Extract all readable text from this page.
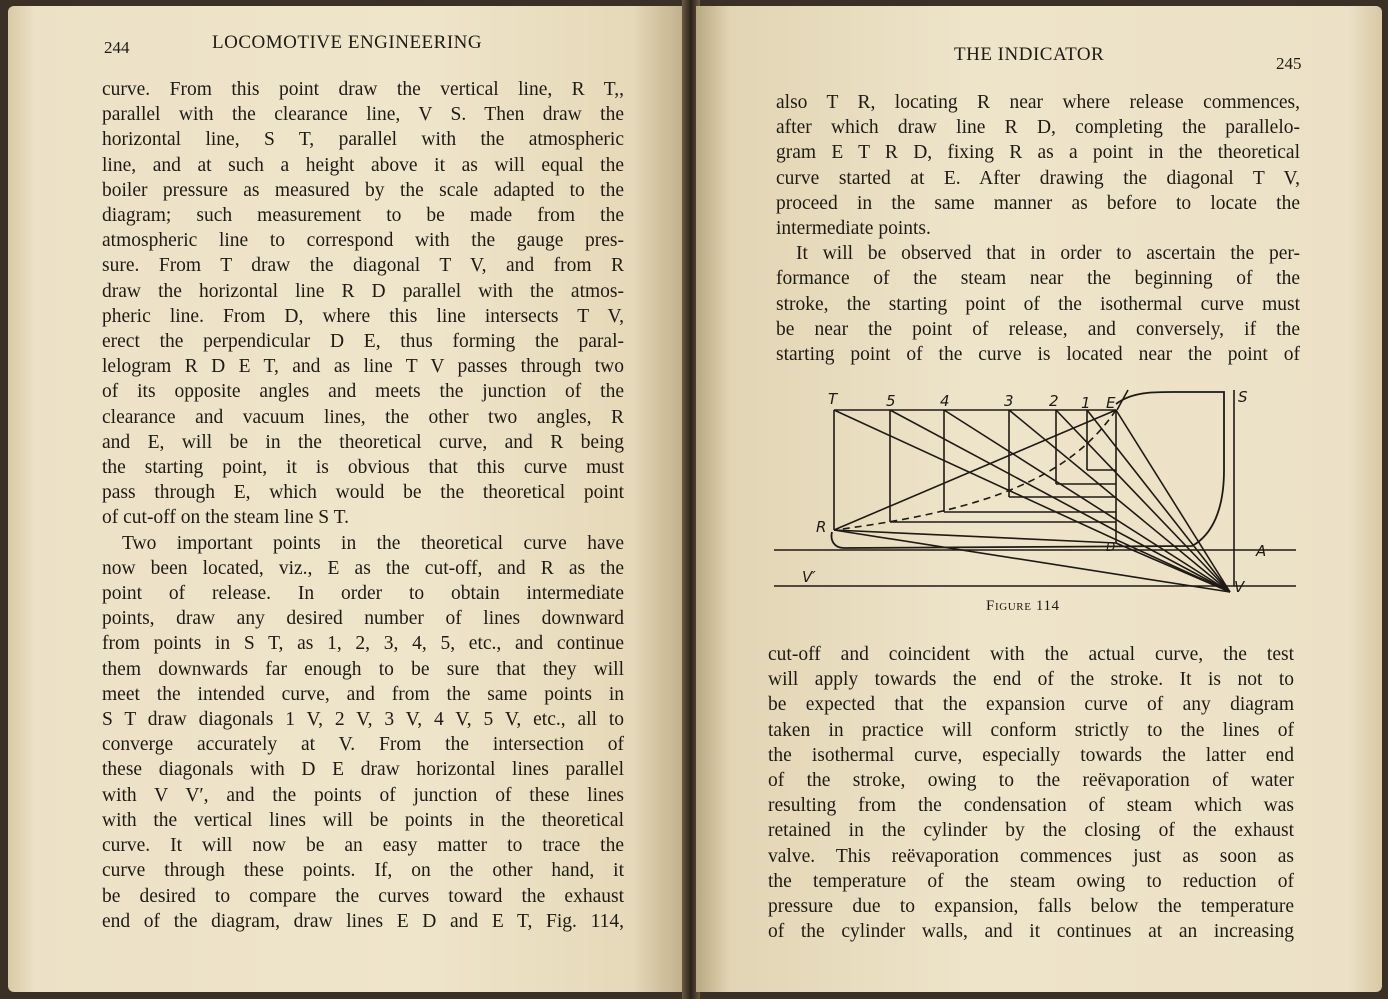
244	LOCOMOTIVE ENGINEERING
curve. From this point draw the vertical line, R T,,
parallel with the clearance line, V S. Then draw the
horizontal line, S T, parallel with the atmospheric
line, and at such a height above it as will equal the
boiler pressure as measured by the scale adapted to the
diagram; such measurement to be made from the
atmospheric line to correspond with the gauge pres-
sure. From T draw the diagonal T V, and from R
draw the horizontal line R D parallel with the atmos-
pheric line. From D, where this line intersects T V,
erect the perpendicular D E, thus forming the paral-
lelogram R D E T, and as line T V passes through two
of its opposite angles and meets the junction of the
clearance and vacuum lines, the other two angles, R
and E, will be in the theoretical curve, and R being
the starting point, it is obvious that this curve must
pass through E, which would be the theoretical point
of cut-off on the steam line S T.
Two important points in the theoretical curve have
now been located, viz., E as the cut-off, and R as the
point of release. In order to obtain intermediate
points, draw any desired number of lines downward
from points in S T, as 1, 2, 3, 4, 5, etc., and continue
them downwards far enough to be sure that they will
meet the intended curve, and from the same points in
S T draw diagonals 1 V, 2 V, 3 V, 4 V, 5 V, etc., all to
converge accurately at V. From the intersection of
these diagonals with D E draw horizontal lines parallel
with V V′, and the points of junction of these lines
with the vertical lines will be points in the theoretical
curve. It will now be an easy matter to trace the
curve through these points. If, on the other hand, it
be desired to compare the curves toward the exhaust
end of the diagram, draw lines E D and E T, Fig. 114,
THE INDICATOR	245
also T R, locating R near where release commences,
after which draw line R D, completing the parallelo-
gram E T R D, fixing R as a point in the theoretical
curve started at E. After drawing the diagonal T V,
proceed in the same manner as before to locate the
intermediate points.
It will be observed that in order to ascertain the per-
formance of the steam near the beginning of the
stroke, the starting point of the isothermal curve must
be near the point of release, and conversely, if the
starting point of the curve is located near the point of
T	5	4	3 2 1 E	S
R
D	A
V
V′
Figure 114
cut-off and coincident with the actual curve, the test
will apply towards the end of the stroke. It is not to
be expected that the expansion curve of any diagram
taken in practice will conform strictly to the lines of
the isothermal curve, especially towards the latter end
of the stroke, owing to the reëvaporation of water
resulting from the condensation of steam which was
retained in the cylinder by the closing of the exhaust
valve. This reëvaporation commences just as soon as
the temperature of the steam owing to reduction of
pressure due to expansion, falls below the temperature
of the cylinder walls, and it continues at an increasing
